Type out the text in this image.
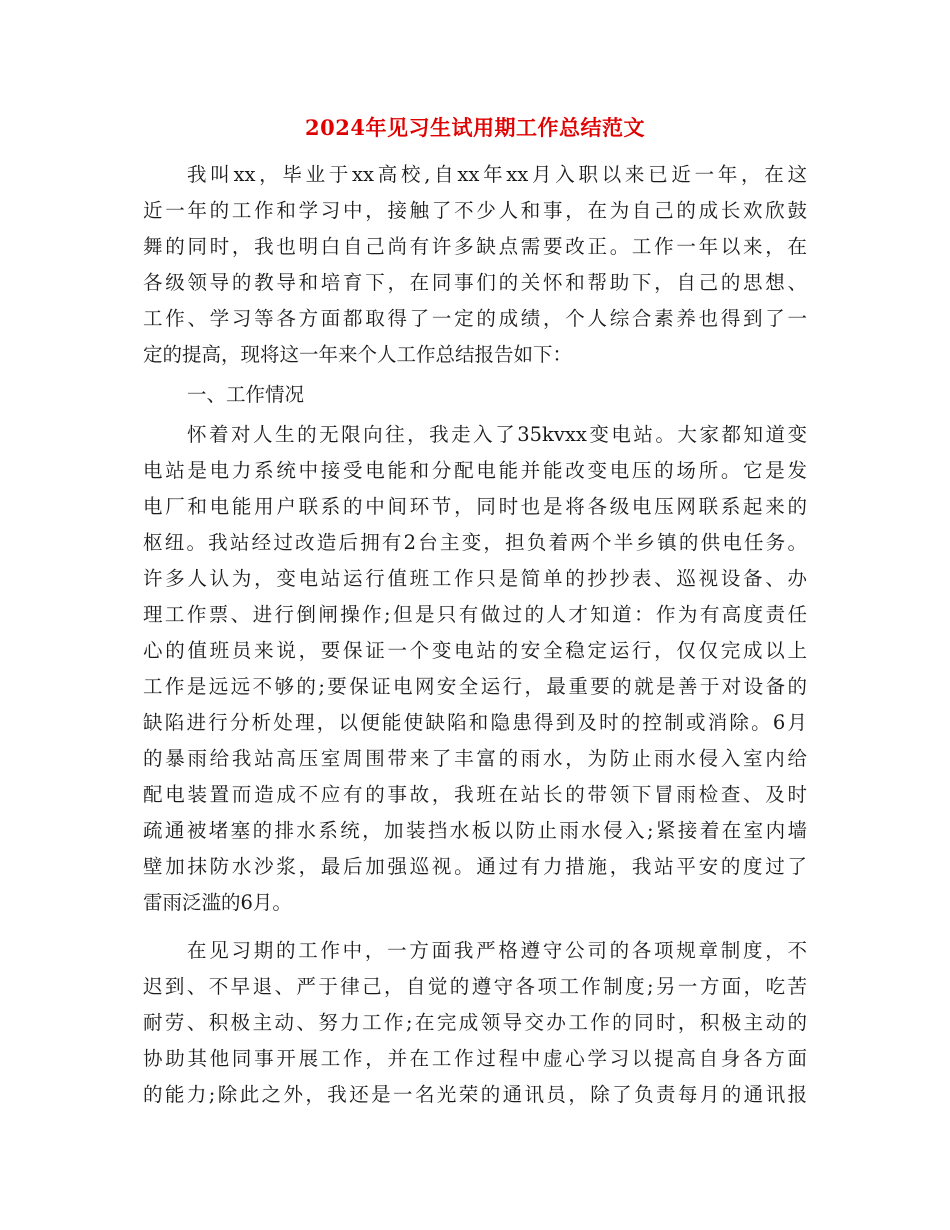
2024年见习生试用期工作总结范文
我叫xx，毕业于xx高校,自xx年xx月入职以来已近一年，在这
近一年的工作和学习中，接触了不少人和事，在为自己的成长欢欣鼓
舞的同时，我也明白自己尚有许多缺点需要改正。工作一年以来，在
各级领导的教导和培育下，在同事们的关怀和帮助下，自己的思想、
工作、学习等各方面都取得了一定的成绩，个人综合素养也得到了一
定的提高，现将这一年来个人工作总结报告如下：
一、工作情况
怀着对人生的无限向往，我走入了35kvxx变电站。大家都知道变
电站是电力系统中接受电能和分配电能并能改变电压的场所。它是发
电厂和电能用户联系的中间环节，同时也是将各级电压网联系起来的
枢纽。我站经过改造后拥有2台主变，担负着两个半乡镇的供电任务。
许多人认为，变电站运行值班工作只是简单的抄抄表、巡视设备、办
理工作票、进行倒闸操作;但是只有做过的人才知道：作为有高度责任
心的值班员来说，要保证一个变电站的安全稳定运行，仅仅完成以上
工作是远远不够的;要保证电网安全运行，最重要的就是善于对设备的
缺陷进行分析处理，以便能使缺陷和隐患得到及时的控制或消除。6月
的暴雨给我站高压室周围带来了丰富的雨水，为防止雨水侵入室内给
配电装置而造成不应有的事故，我班在站长的带领下冒雨检查、及时
疏通被堵塞的排水系统，加装挡水板以防止雨水侵入;紧接着在室内墙
壁加抹防水沙浆，最后加强巡视。通过有力措施，我站平安的度过了
雷雨泛滥的6月。
在见习期的工作中，一方面我严格遵守公司的各项规章制度，不
迟到、不早退、严于律己，自觉的遵守各项工作制度;另一方面，吃苦
耐劳、积极主动、努力工作;在完成领导交办工作的同时，积极主动的
协助其他同事开展工作，并在工作过程中虚心学习以提高自身各方面
的能力;除此之外，我还是一名光荣的通讯员，除了负责每月的通讯报
